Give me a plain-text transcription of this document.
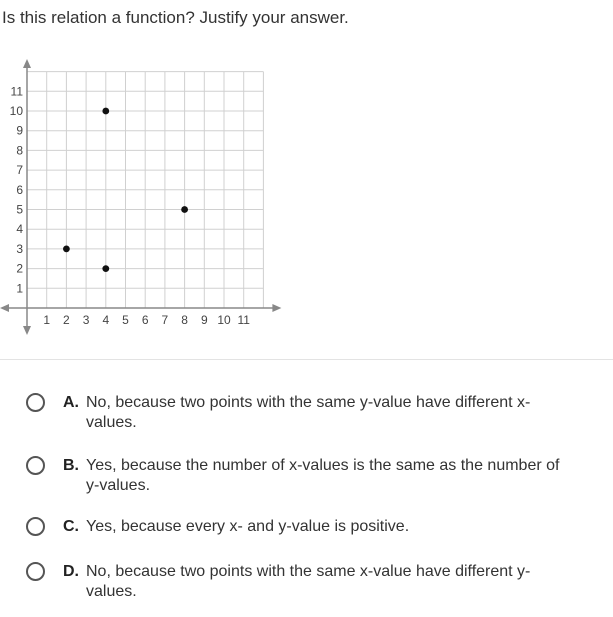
Is this relation a function? Justify your answer.
1 2 3 4 5 6 7 8 9 10 11
1
2
3
4
5
6
7
8
9
10
11
A. No, because two points with the same y-value have different x-
values.
B. Yes, because the number of x-values is the same as the number of
y-values.
C. Yes, because every x- and y-value is positive.
D. No, because two points with the same x-value have different y-
values.
